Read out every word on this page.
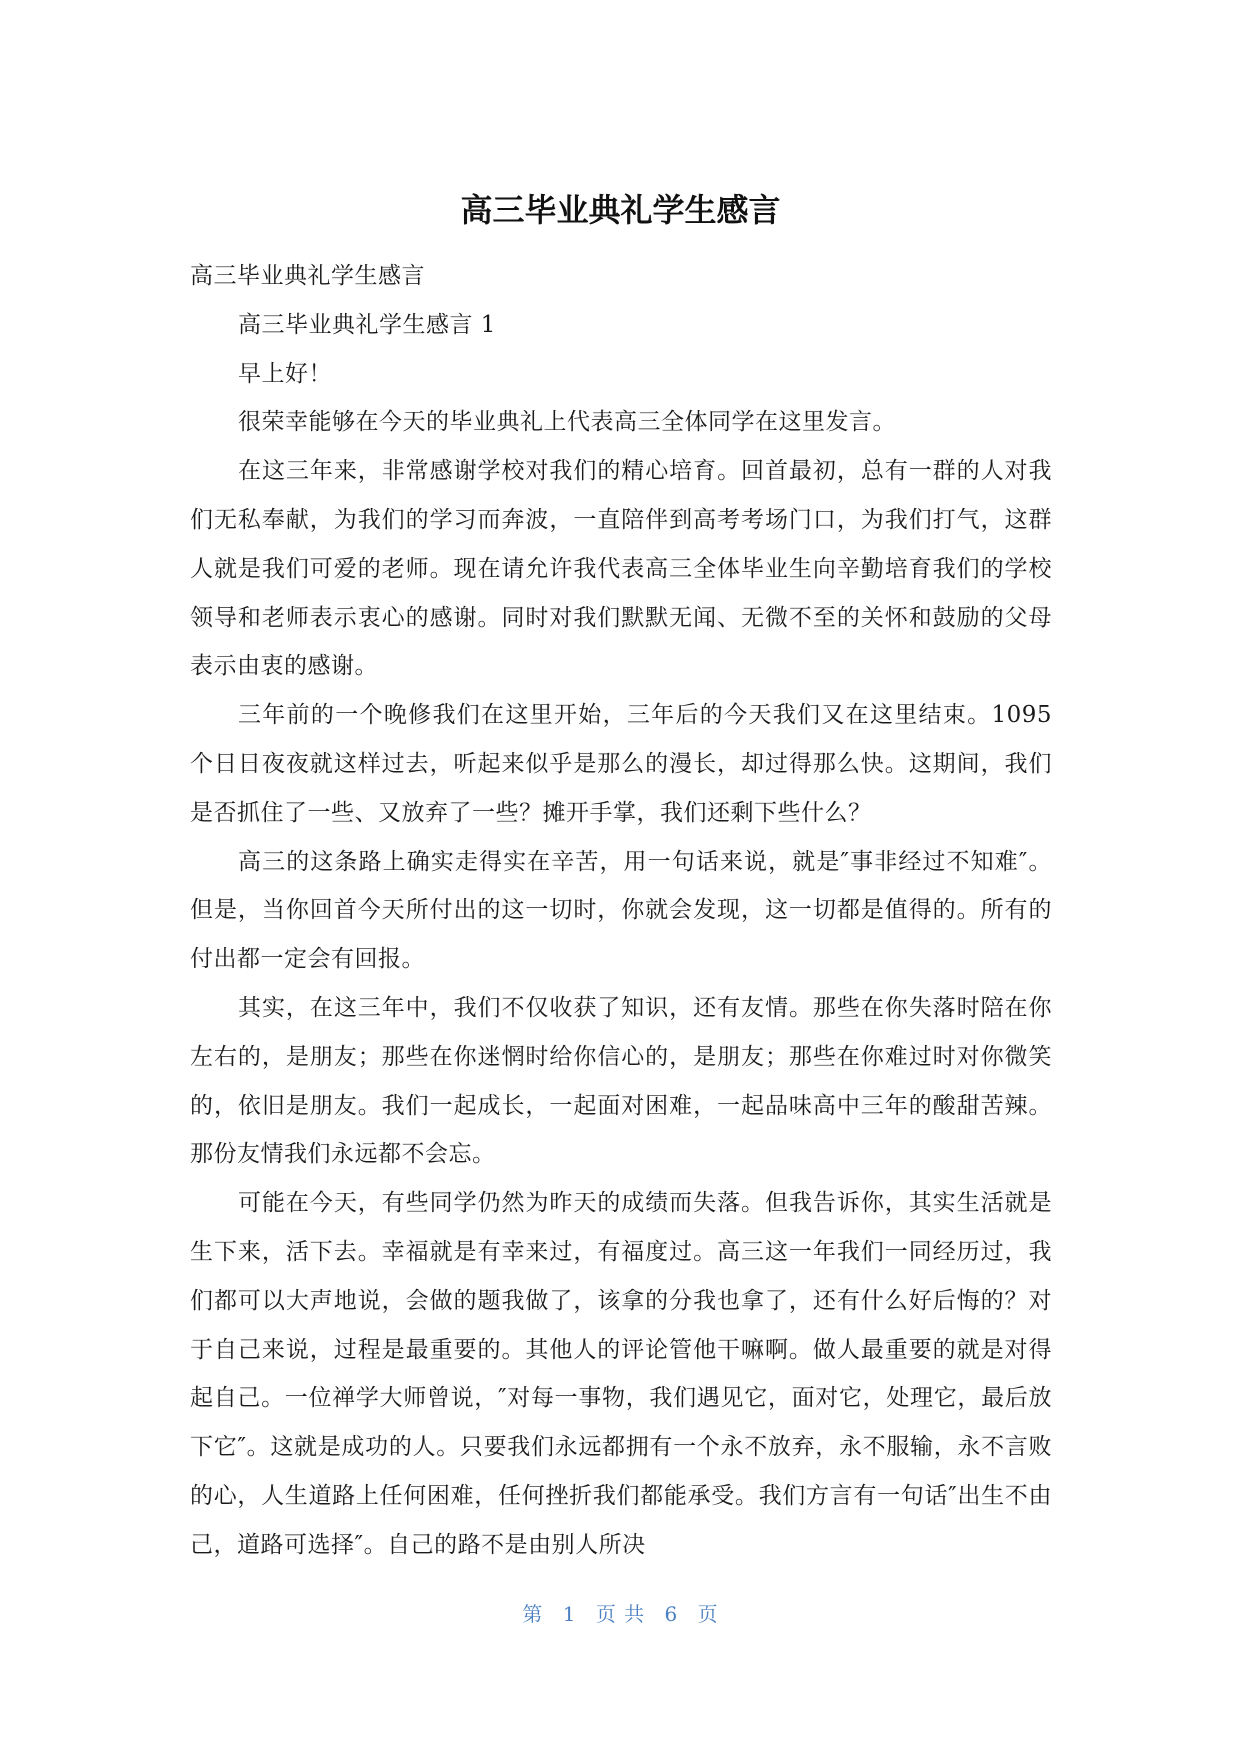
高三毕业典礼学生感言

高三毕业典礼学生感言

高三毕业典礼学生感言 1

早上好！

很荣幸能够在今天的毕业典礼上代表高三全体同学在这里发言。

在这三年来，非常感谢学校对我们的精心培育。回首最初，总有一群的人对我们无私奉献，为我们的学习而奔波，一直陪伴到高考考场门口，为我们打气，这群人就是我们可爱的老师。现在请允许我代表高三全体毕业生向辛勤培育我们的学校领导和老师表示衷心的感谢。同时对我们默默无闻、无微不至的关怀和鼓励的父母表示由衷的感谢。

三年前的一个晚修我们在这里开始，三年后的今天我们又在这里结束。1095 个日日夜夜就这样过去，听起来似乎是那么的漫长，却过得那么快。这期间，我们是否抓住了一些、又放弃了一些？摊开手掌，我们还剩下些什么？

高三的这条路上确实走得实在辛苦，用一句话来说，就是″事非经过不知难″。但是，当你回首今天所付出的这一切时，你就会发现，这一切都是值得的。所有的付出都一定会有回报。

其实，在这三年中，我们不仅收获了知识，还有友情。那些在你失落时陪在你左右的，是朋友；那些在你迷惘时给你信心的，是朋友；那些在你难过时对你微笑的，依旧是朋友。我们一起成长，一起面对困难，一起品味高中三年的酸甜苦辣。那份友情我们永远都不会忘。

可能在今天，有些同学仍然为昨天的成绩而失落。但我告诉你，其实生活就是生下来，活下去。幸福就是有幸来过，有福度过。高三这一年我们一同经历过，我们都可以大声地说，会做的题我做了，该拿的分我也拿了，还有什么好后悔的？对于自己来说，过程是最重要的。其他人的评论管他干嘛啊。做人最重要的就是对得起自己。一位禅学大师曾说，″对每一事物，我们遇见它，面对它，处理它，最后放下它″。这就是成功的人。只要我们永远都拥有一个永不放弃，永不服输，永不言败的心，人生道路上任何困难，任何挫折我们都能承受。我们方言有一句话″出生不由己，道路可选择″。自己的路不是由别人所决

第 1 页 共 6 页
